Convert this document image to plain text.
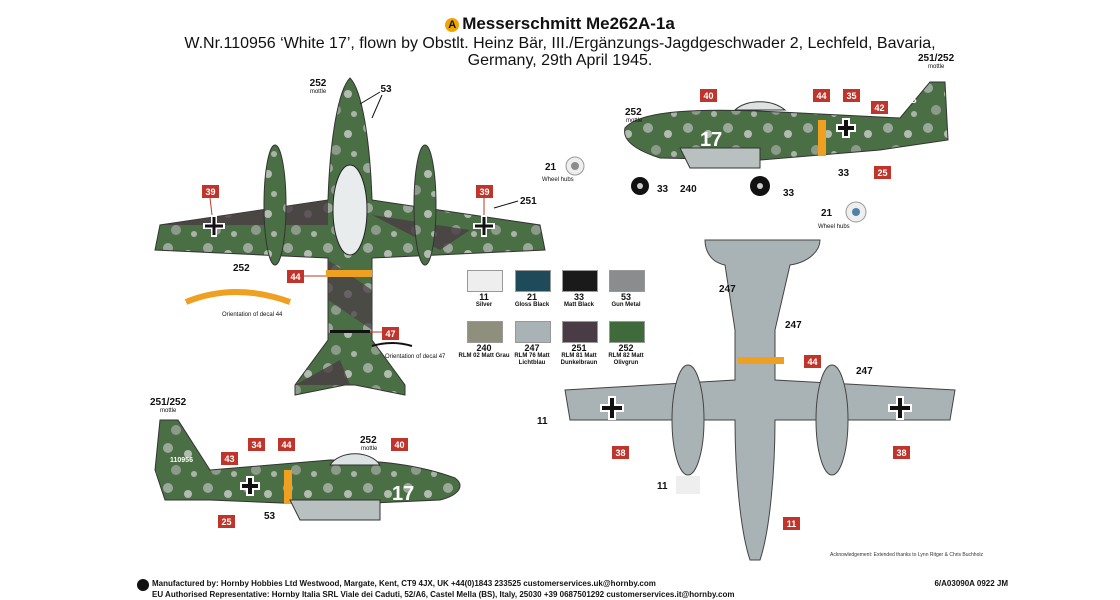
A Messerschmitt Me262A-1a
W.Nr.110956 ‘White 17’, flown by Obstlt. Heinz Bär, III./Ergänzungs-Jagdgeschwader 2, Lechfeld, Bavaria,
Germany, 29th April 1945.
252
mottle	53
251
252
39	39
44
47
Orientation of decal 44
Orientation of decal 47
21
Wheel hubs
21
Wheel hubs
17
S
252
mottle
251/252
mottle
33 240	33
33
40	44 35
42
25
247
247
247
11
11
44
38	38
11
17
110956
251/252
mottle
252
mottle
53
34 44	40
43
25
11
Silver
21
Gloss Black
33
Matt Black
53
Gun Metal
240
RLM 02 Matt Grau
247
RLM 76 Matt Lichtblau
251
RLM 81 Matt Dunkelbraun
252
RLM 82 Matt Olivgrun
Acknowledgement: Extended thanks to Lynn Ritger & Chris Buchholz
Manufactured by: Hornby Hobbies Ltd Westwood, Margate, Kent, CT9 4JX, UK +44(0)1843 233525 customerservices.uk@hornby.com
EU Authorised Representative: Hornby Italia SRL Viale dei Caduti, 52/A6, Castel Mella (BS), Italy, 25030 +39 0687501292 customerservices.it@hornby.com
6/A03090A 0922 JM
